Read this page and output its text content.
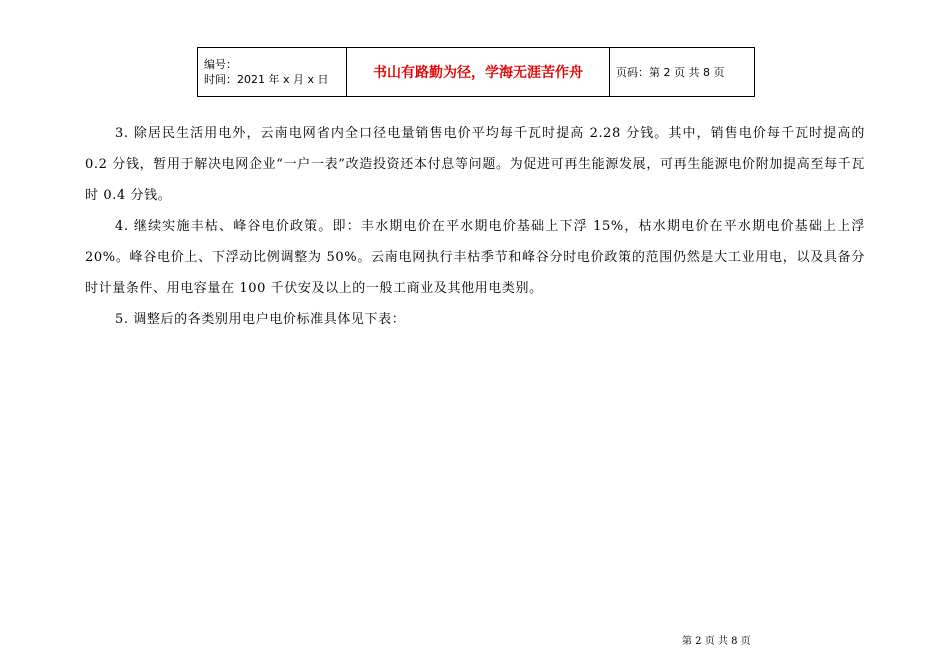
编号：
时间：2021 年 x 月 x 日	书山有路勤为径，学海无涯苦作舟	页码：第 2 页 共 8 页

3. 除居民生活用电外，云南电网省内全口径电量销售电价平均每千瓦时提高 2.28 分钱。其中，销售电价每千瓦时提高的 0.2 分钱，暂用于解决电网企业“一户一表”改造投资还本付息等问题。为促进可再生能源发展，可再生能源电价附加提高至每千瓦时 0.4 分钱。

4. 继续实施丰枯、峰谷电价政策。即：丰水期电价在平水期电价基础上下浮 15%，枯水期电价在平水期电价基础上上浮 20%。峰谷电价上、下浮动比例调整为 50%。云南电网执行丰枯季节和峰谷分时电价政策的范围仍然是大工业用电，以及具备分时计量条件、用电容量在 100 千伏安及以上的一般工商业及其他用电类别。

5. 调整后的各类别用电户电价标准具体见下表：

第 2 页 共 8 页
